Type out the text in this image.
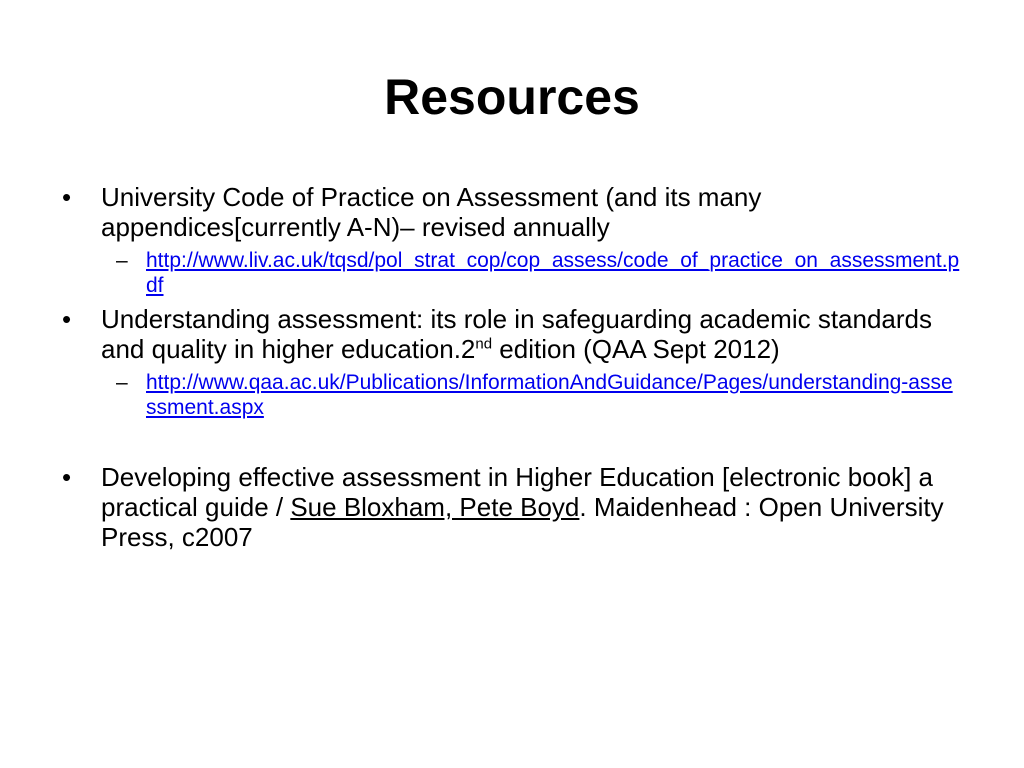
Resources
• University Code of Practice on Assessment (and its many appendices[currently A-N)– revised annually
– http://www.liv.ac.uk/tqsd/pol_strat_cop/cop_assess/code_of_practice_on_assessment.pdf
• Understanding assessment: its role in safeguarding academic standards and quality in higher education.2nd edition (QAA Sept 2012)
– http://www.qaa.ac.uk/Publications/InformationAndGuidance/Pages/understanding-assessment.aspx
• Developing effective assessment in Higher Education [electronic book] a practical guide / Sue Bloxham, Pete Boyd. Maidenhead : Open University Press, c2007
